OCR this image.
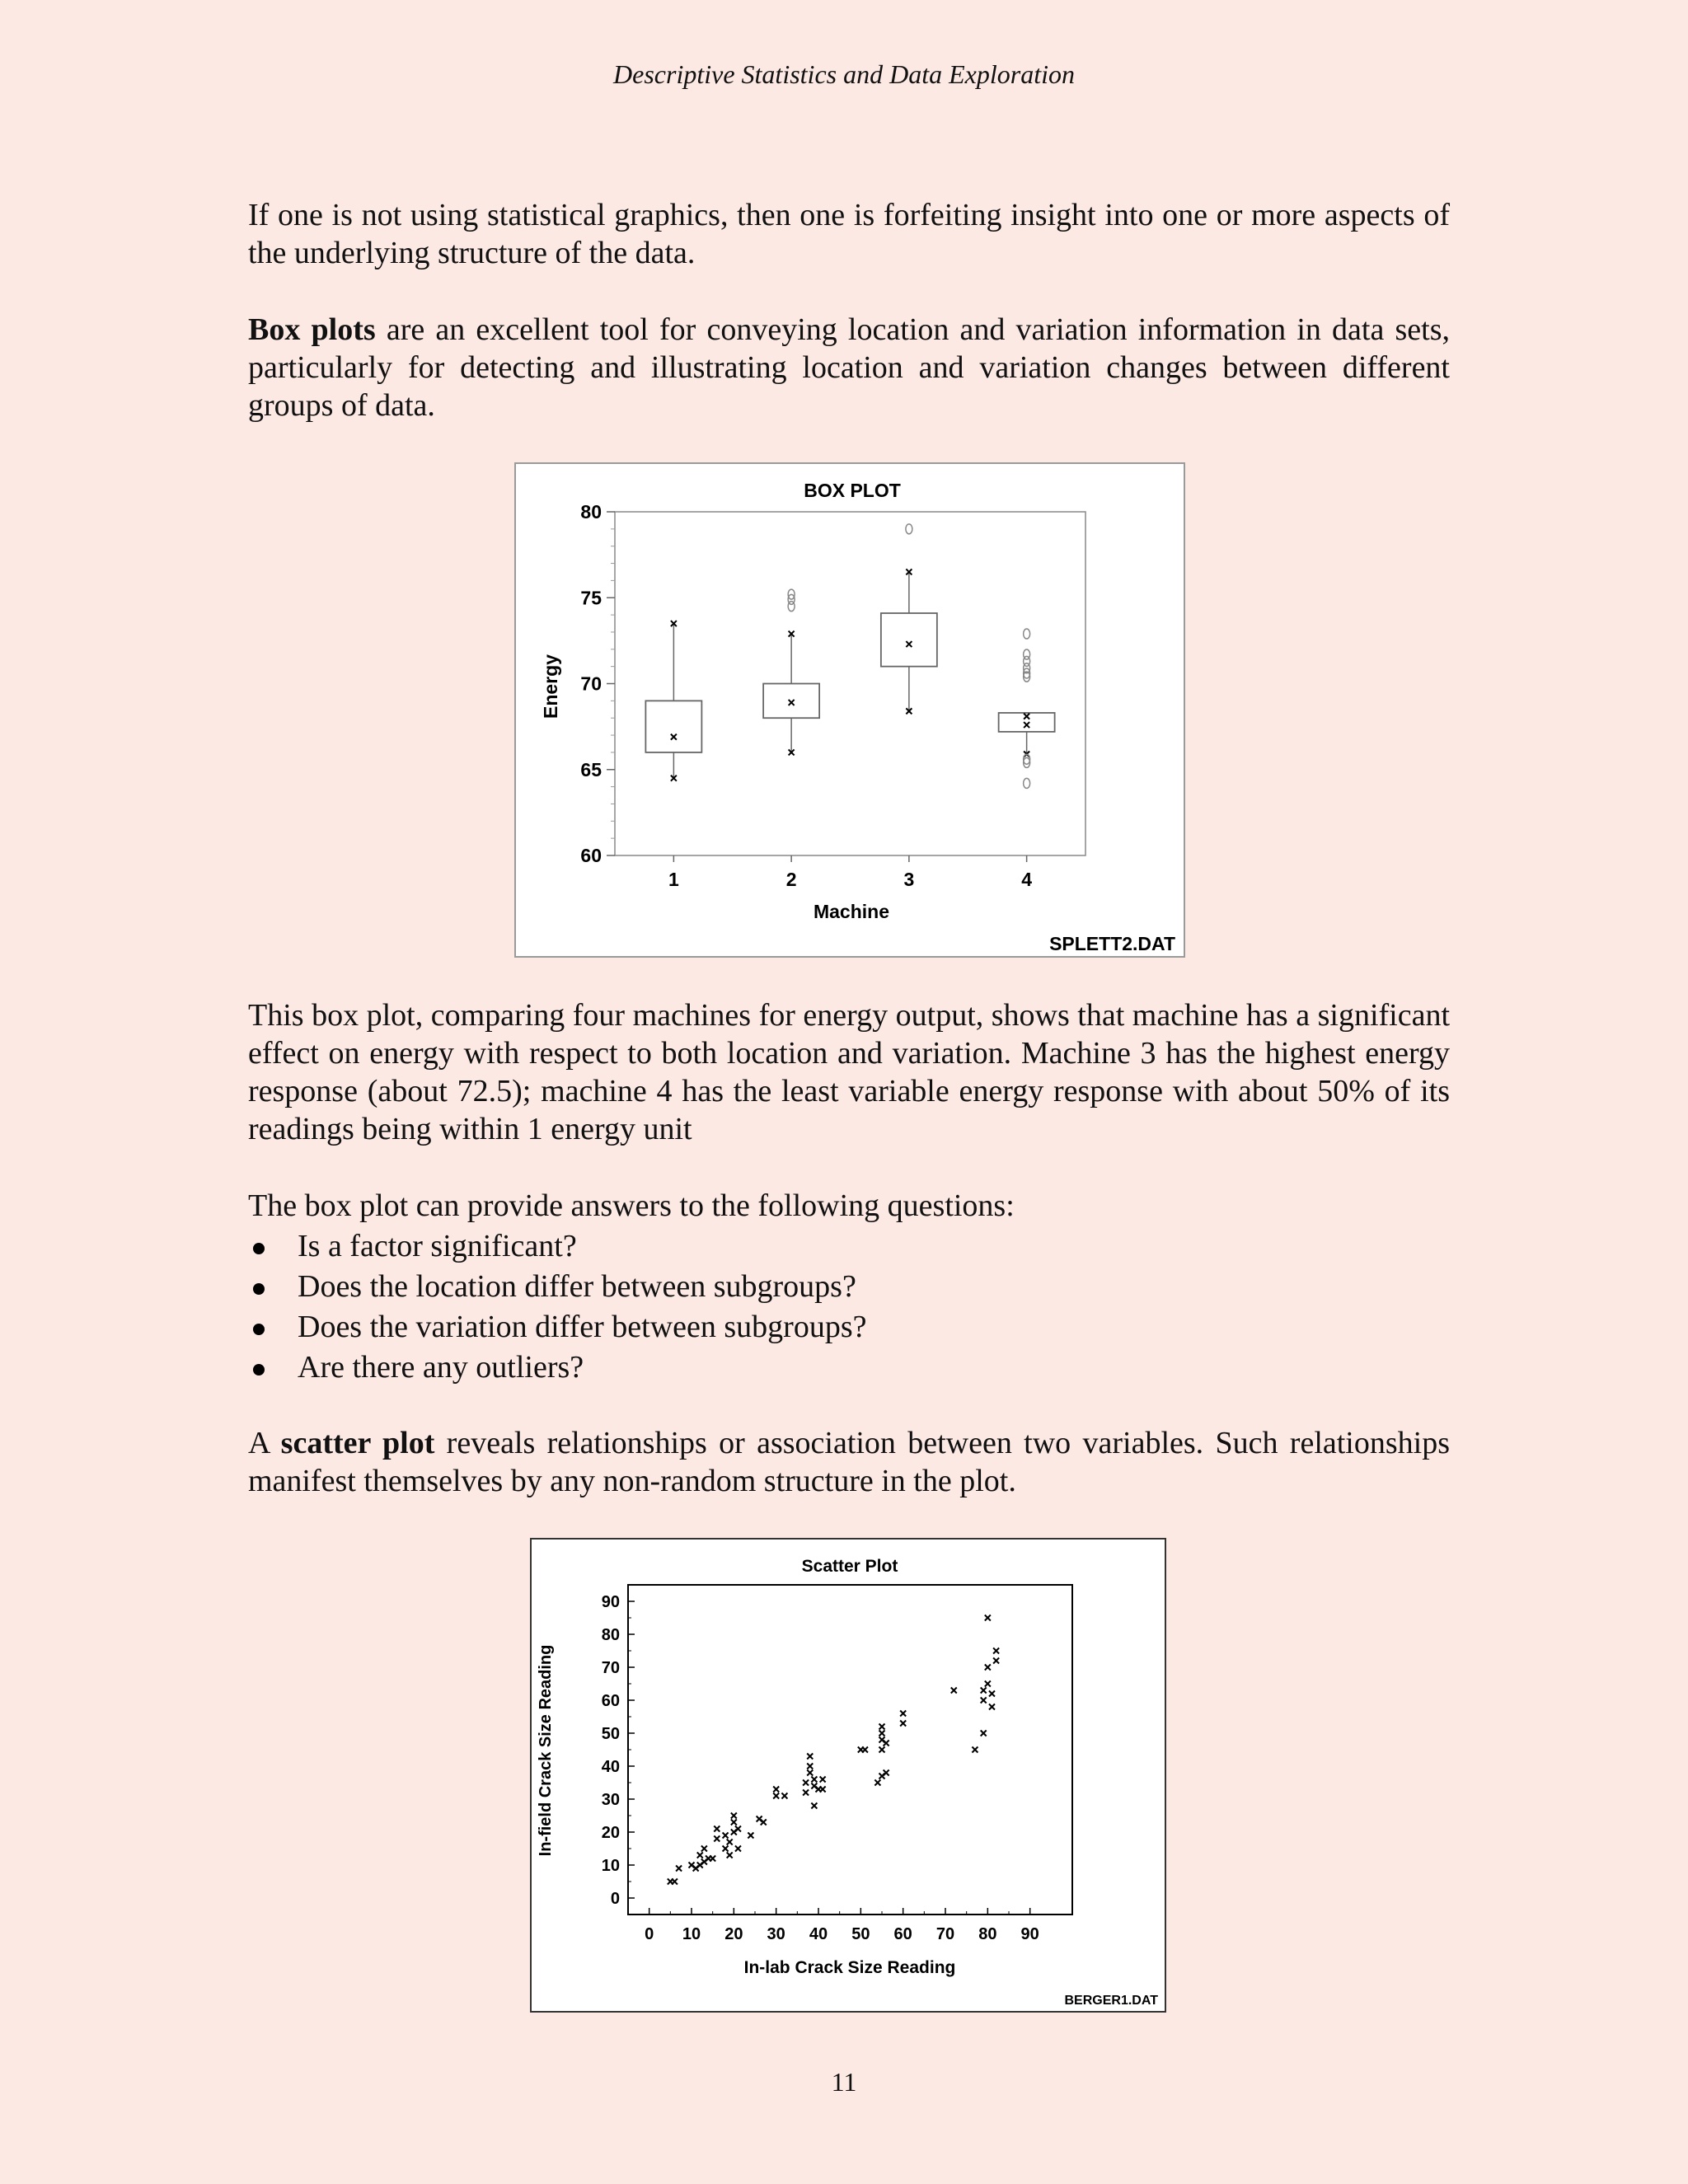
Descriptive Statistics and Data Exploration
If one is not using statistical graphics, then one is forfeiting insight into one or more aspects of the underlying structure of the data.
Box plots are an excellent tool for conveying location and variation information in data sets, particularly for detecting and illustrating location and variation changes between different groups of data.
BOX PLOT
Energy
Machine
SPLETT2.DAT
60
65
70
75
80
1	2	3	4
This box plot, comparing four machines for energy output, shows that machine has a significant effect on energy with respect to both location and variation. Machine 3 has the highest energy response (about 72.5); machine 4 has the least variable energy response with about 50% of its readings being within 1 energy unit
The box plot can provide answers to the following questions:
Is a factor significant?
Does the location differ between subgroups?
Does the variation differ between subgroups?
Are there any outliers?
A scatter plot reveals relationships or association between two variables. Such relationships manifest themselves by any non-random structure in the plot.
Scatter Plot
In-field Crack Size Reading
In-lab Crack Size Reading
BERGER1.DAT
0
10
20
30
40
50
60
70
80
90
0 10 20 30 40 50 60 70 80 90
11
